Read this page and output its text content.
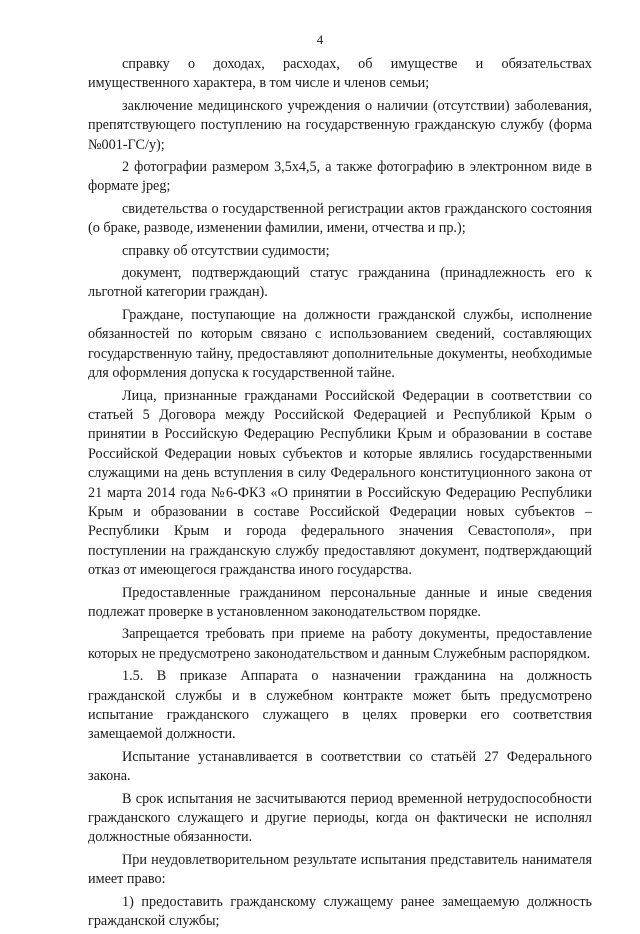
4

справку о доходах, расходах, об имуществе и обязательствах имущественного характера, в том числе и членов семьи;

заключение медицинского учреждения о наличии (отсутствии) заболевания, препятствующего поступлению на государственную гражданскую службу (форма №001-ГС/у);

2 фотографии размером 3,5х4,5, а также фотографию в электронном виде в формате jpeg;

свидетельства о государственной регистрации актов гражданского состояния (о браке, разводе, изменении фамилии, имени, отчества и пр.);

справку об отсутствии судимости;

документ, подтверждающий статус гражданина (принадлежность его к льготной категории граждан).

Граждане, поступающие на должности гражданской службы, исполнение обязанностей по которым связано с использованием сведений, составляющих государственную тайну, предоставляют дополнительные документы, необходимые для оформления допуска к государственной тайне.

Лица, признанные гражданами Российской Федерации в соответствии со статьей 5 Договора между Российской Федерацией и Республикой Крым о принятии в Российскую Федерацию Республики Крым и образовании в составе Российской Федерации новых субъектов и которые являлись государственными служащими на день вступления в силу Федерального конституционного закона от 21 марта 2014 года №6-ФКЗ «О принятии в Российскую Федерацию Республики Крым и образовании в составе Российской Федерации новых субъектов – Республики Крым и города федерального значения Севастополя», при поступлении на гражданскую службу предоставляют документ, подтверждающий отказ от имеющегося гражданства иного государства.

Предоставленные гражданином персональные данные и иные сведения подлежат проверке в установленном законодательством порядке.

Запрещается требовать при приеме на работу документы, предоставление которых не предусмотрено законодательством и данным Служебным распорядком.

1.5. В приказе Аппарата о назначении гражданина на должность гражданской службы и в служебном контракте может быть предусмотрено испытание гражданского служащего в целях проверки его соответствия замещаемой должности.

Испытание устанавливается в соответствии со статьёй 27 Федерального закона.

В срок испытания не засчитываются период временной нетрудоспособности гражданского служащего и другие периоды, когда он фактически не исполнял должностные обязанности.

При неудовлетворительном результате испытания представитель нанимателя имеет право:

1) предоставить гражданскому служащему ранее замещаемую должность гражданской службы;
